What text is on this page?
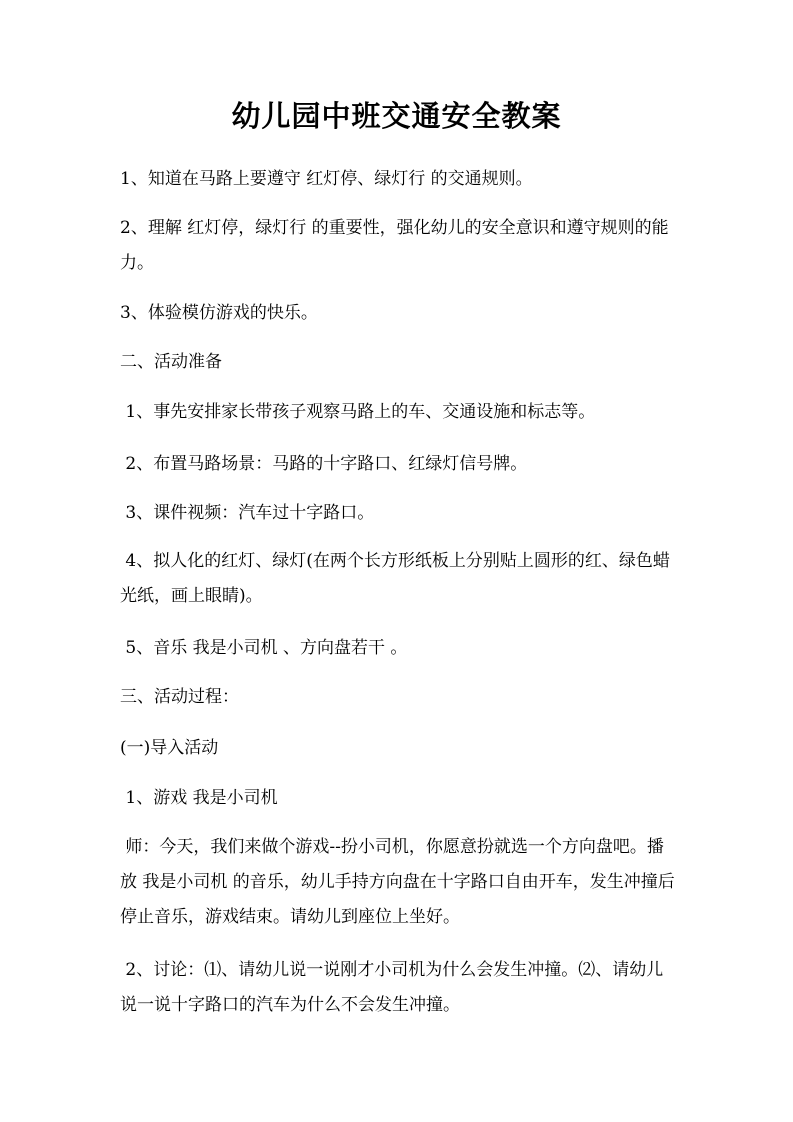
幼儿园中班交通安全教案

1、知道在马路上要遵守 红灯停、绿灯行 的交通规则。

2、理解 红灯停，绿灯行 的重要性，强化幼儿的安全意识和遵守规则的能力。

3、体验模仿游戏的快乐。

二、活动准备

1、事先安排家长带孩子观察马路上的车、交通设施和标志等。

2、布置马路场景：马路的十字路口、红绿灯信号牌。

3、课件视频：汽车过十字路口。

4、拟人化的红灯、绿灯(在两个长方形纸板上分别贴上圆形的红、绿色蜡光纸，画上眼睛)。

5、音乐 我是小司机 、方向盘若干 。

三、活动过程：

(一)导入活动

1、游戏 我是小司机

师：今天，我们来做个游戏--扮小司机，你愿意扮就选一个方向盘吧。播放 我是小司机 的音乐，幼儿手持方向盘在十字路口自由开车，发生冲撞后停止音乐，游戏结束。请幼儿到座位上坐好。

2、讨论：⑴、请幼儿说一说刚才小司机为什么会发生冲撞。⑵、请幼儿说一说十字路口的汽车为什么不会发生冲撞。
